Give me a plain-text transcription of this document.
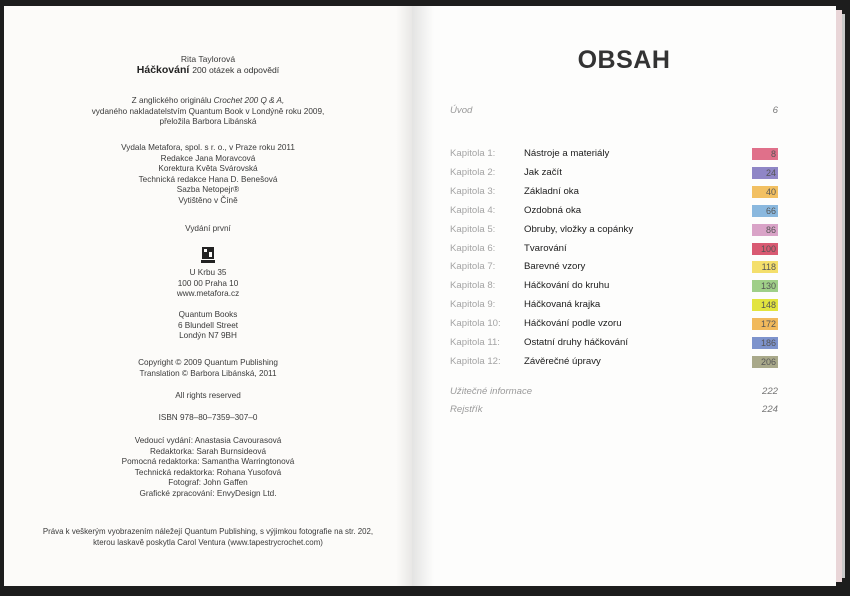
Rita Taylorová
Háčkování 200 otázek a odpovědí
Z anglického originálu Crochet 200 Q & A,
vydaného nakladatelstvím Quantum Book v Londýně roku 2009,
přeložila Barbora Libánská
Vydala Metafora, spol. s r. o., v Praze roku 2011
Redakce Jana Moravcová
Korektura Květa Svárovská
Technická redakce Hana D. Benešová
Sazba Netopejr®
Vytištěno v Číně
Vydání první
U Krbu 35
100 00 Praha 10
www.metafora.cz
Quantum Books
6 Blundell Street
Londýn N7 9BH
Copyright © 2009 Quantum Publishing
Translation © Barbora Libánská, 2011
All rights reserved
ISBN 978–80–7359–307–0
Vedoucí vydání: Anastasia Cavourasová
Redaktorka: Sarah Burnsideová
Pomocná redaktorka: Samantha Warringtonová
Technická redaktorka: Rohana Yusofová
Fotograf: John Gaffen
Grafické zpracování: EnvyDesign Ltd.
Práva k veškerým vyobrazením náležejí Quantum Publishing, s výjimkou fotografie na str. 202,
kterou laskavě poskytla Carol Ventura (www.tapestrycrochet.com)
OBSAH
Úvod	6
Kapitola 1:	Nástroje a materiály	8
Kapitola 2:	Jak začít	24
Kapitola 3:	Základní oka	40
Kapitola 4:	Ozdobná oka	66
Kapitola 5:	Obruby, vložky a copánky	86
Kapitola 6:	Tvarování	100
Kapitola 7:	Barevné vzory	118
Kapitola 8:	Háčkování do kruhu	130
Kapitola 9:	Háčkovaná krajka	148
Kapitola 10: Háčkování podle vzoru	172
Kapitola 11:	Ostatní druhy háčkování	186
Kapitola 12: Závěrečné úpravy	206
Užitečné informace	222
Rejstřík	224
